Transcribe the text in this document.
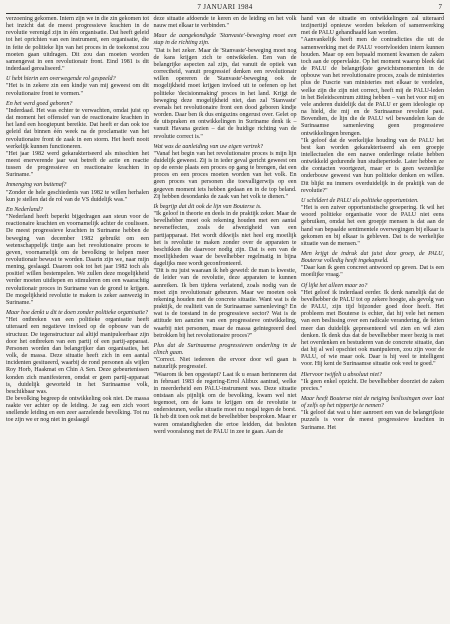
7 JANUARI 1984	7

verzoening gekomen. Intern zijn we in die zin gekomen tot het inzicht dat de meest progressieve krachten in de revolutie verenigd zijn in één organisatie. Dat heeft geleid tot het oprichten van een instrument, een organisatie, die in feite de politieke lijn van het proces in de toekomst zou moeten gaan uitdragen. Dit zou dan moeten worden samengevat in een revolutionair front. Eind 1981 is dit inderdaad gerealiseerd."

U hebt hierin een overwegende rol gespeeld?

"Het is in zekere zin een kindje van mij geweest om dit revolutionaire front te vormen."

En het werd goed geboren?

"Inderdaad. Het was echter te verwachten, omdat juist op dat moment het offensief van de reactionaire krachten in het land een hoogtepunt bereikte. Dat heeft er dan ook toe geleid dat binnen één week na de proclamatie van het revolutionaire front de zaak in een storm. Het heeft nooit werkelijk kunnen functioneren.

"Het jaar 1982 werd gekarakteriseerd als misschien het meest enerverende jaar wat betreft de actie en reactie tussen de progressieve en reactionaire krachten in Suriname."

Inmenging van buitenaf?

"Zonder de hele geschiedenis van 1982 te willen herhalen kun je stellen dat de rol van de VS duidelijk was."

En Nederland?

"Nederland heeft beperkt bijgedragen aan steun voor de reactionaire krachten en voornamelijk achter de coulissen. De meest progressieve krachten in Suriname hebben de beweging van december 1982 gebruikt om een wetenschappelijk tintje aan het revolutionaire proces te geven, voornamelijk om de bevolking te helpen meer revolutionair bewust te worden. Daarin zijn we, naar mijn mening, geslaagd. Daarom ook tot het jaar 1982 toch als positief willen bestempelen. We zullen deze mogelijkheid verder moeten uitdiepen en stimuleren om een waarachtig revolutionair proces in Suriname van de grond te krijgen. De mogelijkheid revolutie te maken is zeker aanwezig in Suriname."

Maar hoe denkt u dit te doen zonder politieke organisatie?

"Het ontbreken van een politieke organisatie heeft uiteraard een negatieve invloed op de opbouw van de structuur. De tegenstructuur zal altijd manipuleerbaar zijn door het ontbreken van een partij of een partij-apparaat. Personen worden dan belangrijker dan organisaties, het volk, de massa. Deze situatie heeft zich in een aantal incidenten gesitueerd, waarbij de rond personen als wijlen Roy Horb, Haakmat en Chin A Sen. Deze gebeurtenissen konden zich manifesteren, omdat er geen partij-apparaat is, duidelijk geworteld in het Surinaamse volk, beschikbaar was.

De bevolking begreep de ontwikkeling ook niet. De massa raakte ver achter op de leiding. Je zag een zich voort snellende leiding en een zeer aarzelende bevolking. Tot nu toe zijn we er nog niet in geslaagd

deze situatie afdoende te keren en de leiding en het volk nauw met elkaar te verbinden."

Maar de aangekondigde 'Stanvaste'-beweging moet een stap in de richting zijn.

"Dat is het zeker. Maar de 'Stanvaste'-beweging moet nog de kans krijgen zich te ontwikkelen. Een van de belangrijke aspecten zal zijn, dat vanuit de optiek van correctheid, vanuit progressief denken een revolutionair willen opereren de 'Stanvaste'-beweging ook de mogelijkheid moet krijgen invloed uit te oefenen op het politieke 'decisionmaking' proces in het land. Krijgt de beweging deze mogelijkheid niet, dan zal 'Stanvaste' evenals het revolutionaire front een dood geboren kindje worden. Daar ben ik dus enigszins ongerust over. Gelet op de uitspraken en ontwikkelingen in Suriname denk ik – vanuit Havana gezien – dat de huidige richting van de revolutie correct is."

Wat was de aanleiding van uw eigen vertrek?

"Vanaf het begin van het revolutionaire proces is mijn lijn duidelijk geweest. Zij is in ieder geval gericht geweest om op de eerste plaats een proces op gang te brengen, dat een proces en een proces moeten worden van het volk. En geen proces van personen die toevalligerwijs op een gegeven moment iets hebben gedaan en in de top beland. Zij hebben desondanks de zaak van het volk te dienen."

Ik begrijp dat dit ook de lijn van Bouterse is.

"Ik geloof in theorie en deels in de praktijk zeker. Maar de bevelhebber moet ook rekening houden met een aantal neveneffecten, zoals de afwezigheid van een partijapparaat. Het wordt dikwijls niet heel erg moeilijk het is revolutie te maken zonder over de apparaten te beschikken die daarvoor nodig zijn. Dat is een van de moeilijkheden waar de bevelhebber regelmatig in bijna dagelijks mee wordt geconfronteerd.

"Dit is nu juist waaraan ik heb geweid: de man is kwestie, de leider van de revolutie, deze apparaten te kunnen aanreiken. Ik ben tijdens verlatend, zoals nodig van de moet zijn revolutionair gebeuren. Maar we moeten ook rekening houden met de concrete situatie. Want wat is de praktijk, de realiteit van de Surinaamse samenleving? En wat is de toestand in de progressieve sector? Wat is de attitude ten aanzien van een progressieve ontwikkeling, waarbij niet personen, maar de massa geïntegreerd deel betrokken bij het revolutionaire proces?"

Plus dat de Surinaamse progressieven onderling in de clinch gaan.

"Correct. Niet iedereen die ervoor door wil gaan is natuurlijk progressief.

"Waarom ik ben opgestapt? Laat ik u eraan herinneren dat in februari 1983 de regering-Errol Alibux aantrad, welke in meerderheid een PALU-instrument was. Deze situatie ontstaan als pijnlijk om de bevolking, kwam wel niet tegemoet, om de kans te krijgen om de revolutie te ondersteunen, welke situatie moet nu nogal tegen de borst. Ik heb dit toen ook met de bevelhebber besproken. Maar er waren omstandigheden die ertoe leidden, dat besloten werd vooralsnog met de PALU in zee te gaan. Aan de

hand van de situatie en ontwikkelingen zal uiteraard tezijnertijd opnieuw worden bekeken of samenwerking met de PALU gehandhaafd kan worden.

"Aanvankelijk heeft men de contradicties die uit de samenwerking met de PALU voortvloeiden intern kunnen houden. Maar op een bepaald moment kwamen de zaken toch aan de oppervlakte. Op het moment waarop bleek dat de PALU de belangrijkste gewichtsmomenten in de opbouw van het revolutionaire proces, zoals de ministeries plus de Fuscrie van ministeries met elkaar te verdelen, welke zijn die zijn niet correct, heeft mij de PALU-leden in het Beleidscentrum zitting hebben – van het voor mij en vele anderen duidelijk dat de PALU er geen ideologie op na hield, die mij en de Surinaamse revolutie past. Bovendien, de lijn die de PALU wil bewandelen kan de Surinaamse samenleving geen progressieve ontwikkelingen brengen.

"Ik geloof dat de werkelijke houding van de PALU het best kan worden gekarakteriseerd als een groepje intellectuelen die een nauwe onderlinge relatie hebben ontwikkeld gedurende hun studieperiode. Later hebben ze die contacten voortgezet, maar er is geen wezenlijke onderbouw geweest van hun politieke denken en willen. Dit blijkt nu immers overduidelijk in de praktijk van de revolutie?"

U schildert de PALU als politieke opportunisten.

"Het is een zuiver opportunistische groepering. Ik wil het woord politieke organisatie voor de PALU niet eens gebruiken, omdat het een groepje mensen is dat aan de hand van bepaalde sentimentele overwegingen bij elkaar is gekomen en bij elkaar is gebleven. Dat is de werkelijke situatie van de mensen."

Men krijgt de indruk dat juist deze groep, de PALU, Bouterse volledig heeft ingekapseld.

"Daar kan ik geen concreet antwoord op geven. Dat is een moeilijke vraag."

Of lijkt het alleen maar zo?

"Het geloof ik inderdaad eerder. Ik denk namelijk dat de bevelhebber de PALU tot op zekere hoogte, als gevolg van de PALU, zijn tijd bijzonder goed door heeft. Het probleem met Bouterse is echter, dat hij vele het nemen van een beslissing over een radicale verandering, de feiten meer dan duidelijk gepresenteerd wil zien en wil zien denken. Ik denk dus dat de bevelhebber meer bezig is met het overdenken en bestuderen van de concrete situatie, dan dat hij al wel opschiet ook manipuleren, zou zijn voor de PALU, of wie maar ook. Daar is hij veel te intelligent voor. Hij kent de Surinaamse situatie ook veel te goed."

Hiervoor twijfelt u absoluut niet?

"Ik geen enkel opzicht. De bevelhebber doorziet de zaken precies."

Maar heeft Bouterse niet de neiging beslissingen over laat of zelfs op het nippertje te nemen?

"Ik geloof dat wat u hier aanroert een van de belangrijkste puzzels is voor de meest progressieve krachten in Suriname. Het
